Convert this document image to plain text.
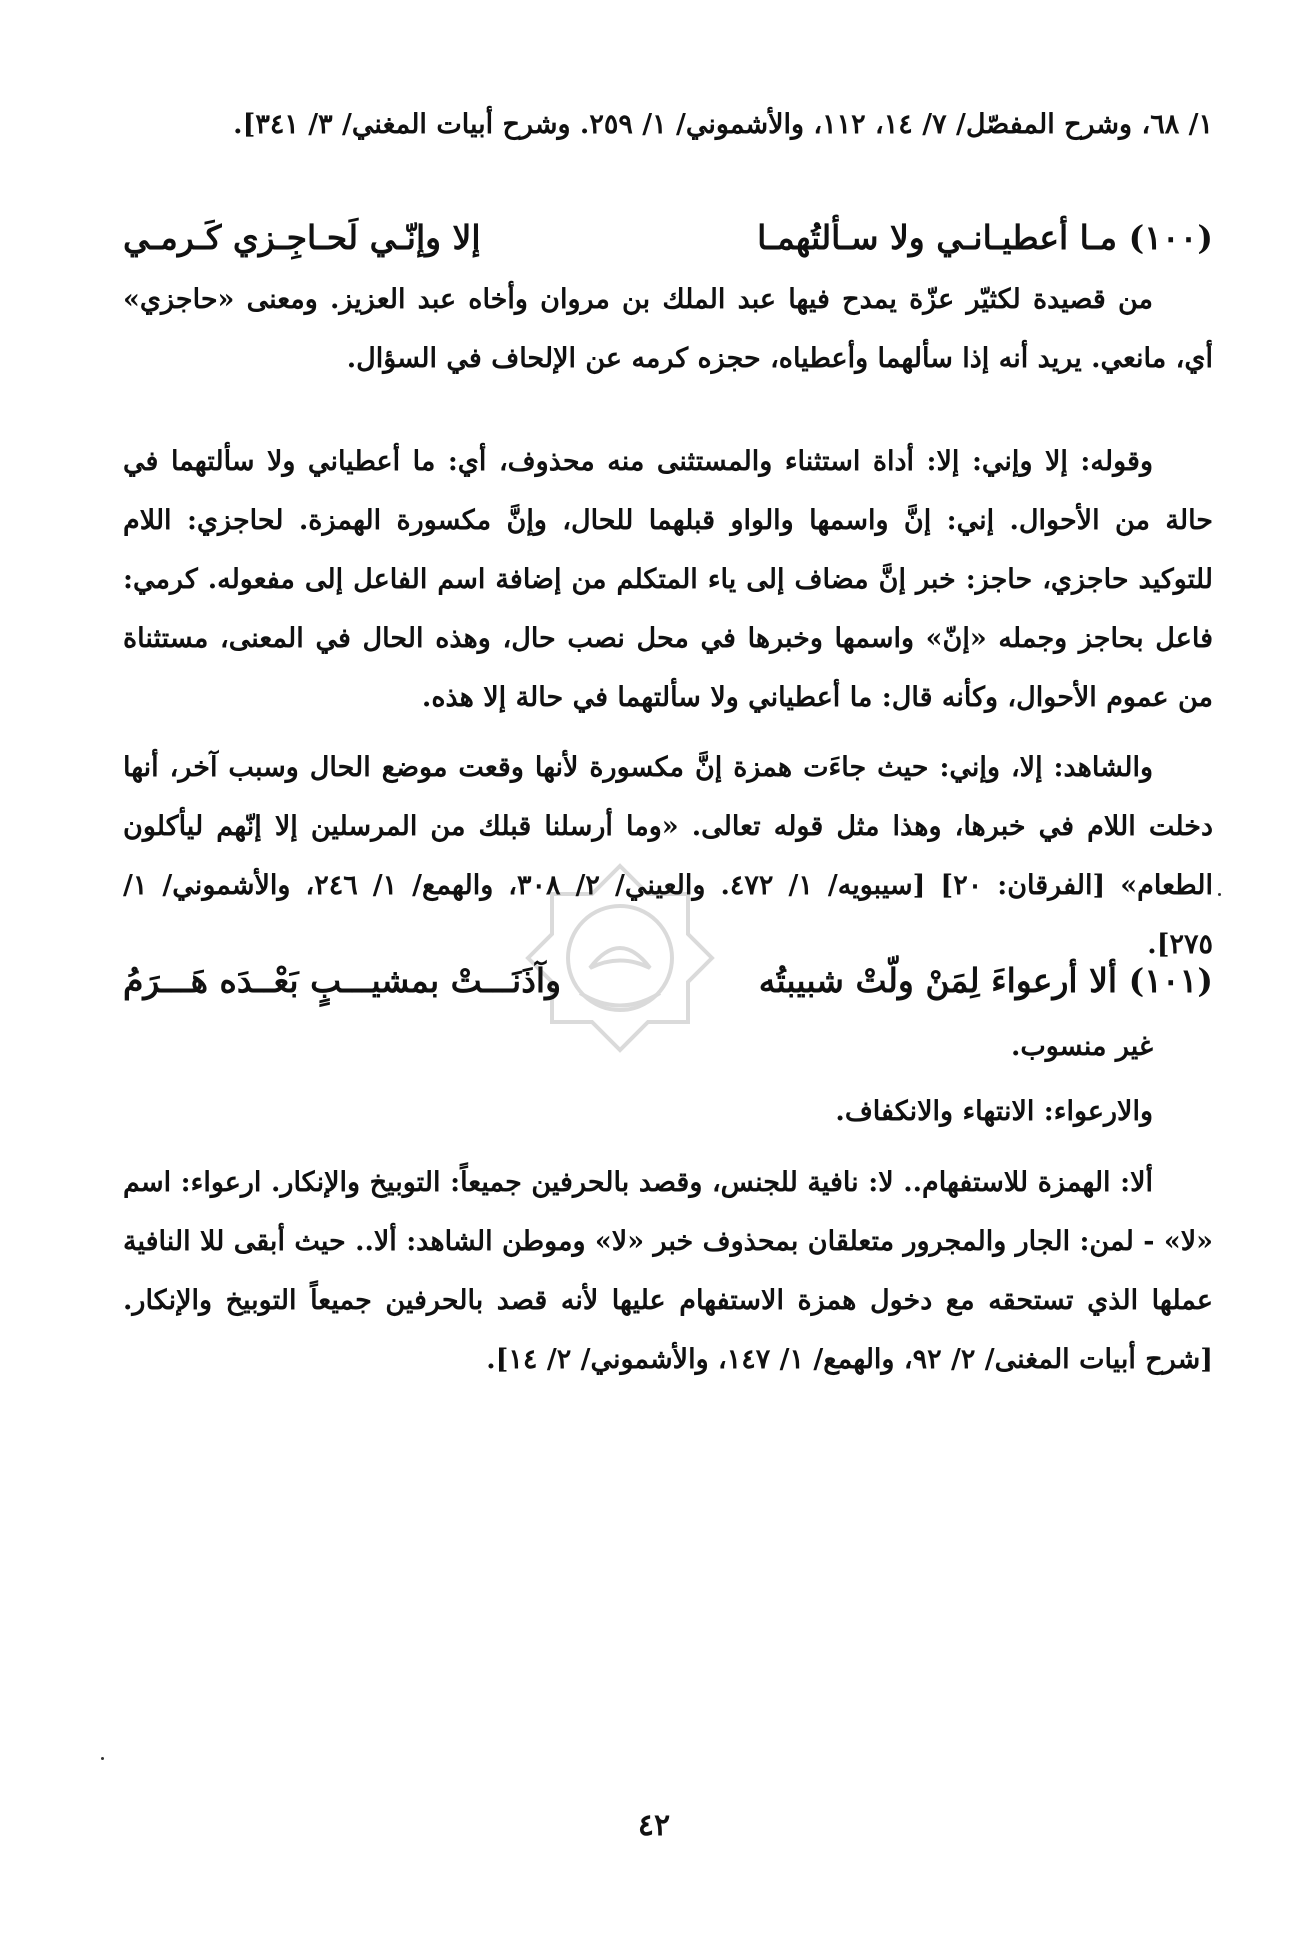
١/ ٦٨، وشرح المفصّل/ ٧/ ١٤، ١١٢، والأشموني/ ١/ ٢٥٩. وشرح أبيات المغني/ ٣/ ٣٤١].

(١٠٠) مـا أعطيـانـي ولا سـألتُهمـا
إلا وإنّـي لَحـاجِـزي كَـرمـي

من قصيدة لكثيّر عزّة يمدح فيها عبد الملك بن مروان وأخاه عبد العزيز. ومعنى «حاجزي» أي، مانعي. يريد أنه إذا سألهما وأعطياه، حجزه كرمه عن الإلحاف في السؤال.

وقوله: إلا وإني: إلا: أداة استثناء والمستثنى منه محذوف، أي: ما أعطياني ولا سألتهما في حالة من الأحوال. إني: إنَّ واسمها والواو قبلهما للحال، وإنَّ مكسورة الهمزة. لحاجزي: اللام للتوكيد حاجزي، حاجز: خبر إنَّ مضاف إلى ياء المتكلم من إضافة اسم الفاعل إلى مفعوله. كرمي: فاعل بحاجز وجمله «إنّ» واسمها وخبرها في محل نصب حال، وهذه الحال في المعنى، مستثناة من عموم الأحوال، وكأنه قال: ما أعطياني ولا سألتهما في حالة إلا هذه.

والشاهد: إلا، وإني: حيث جاءَت همزة إنَّ مكسورة لأنها وقعت موضع الحال وسبب آخر، أنها دخلت اللام في خبرها، وهذا مثل قوله تعالى. «وما أرسلنا قبلك من المرسلين إلا إنّهم ليأكلون الطعام» [الفرقان: ٢٠] [سيبويه/ ١/ ٤٧٢. والعيني/ ٢/ ٣٠٨، والهمع/ ١/ ٢٤٦، والأشموني/ ١/ ٢٧٥].

(١٠١) ألا أرعواءَ لِمَنْ ولّتْ شبيبتُه
وآذَنَـــتْ بمشيـــبٍ بَعْــدَه هَـــرَمُ

غير منسوب.

والارعواء: الانتهاء والانكفاف.

ألا: الهمزة للاستفهام.. لا: نافية للجنس، وقصد بالحرفين جميعاً: التوبيخ والإنكار. ارعواء: اسم «لا» - لمن: الجار والمجرور متعلقان بمحذوف خبر «لا» وموطن الشاهد: ألا.. حيث أبقى للا النافية عملها الذي تستحقه مع دخول همزة الاستفهام عليها لأنه قصد بالحرفين جميعاً التوبيخ والإنكار. [شرح أبيات المغنى/ ٢/ ٩٢، والهمع/ ١/ ١٤٧، والأشموني/ ٢/ ١٤].

٤٢
